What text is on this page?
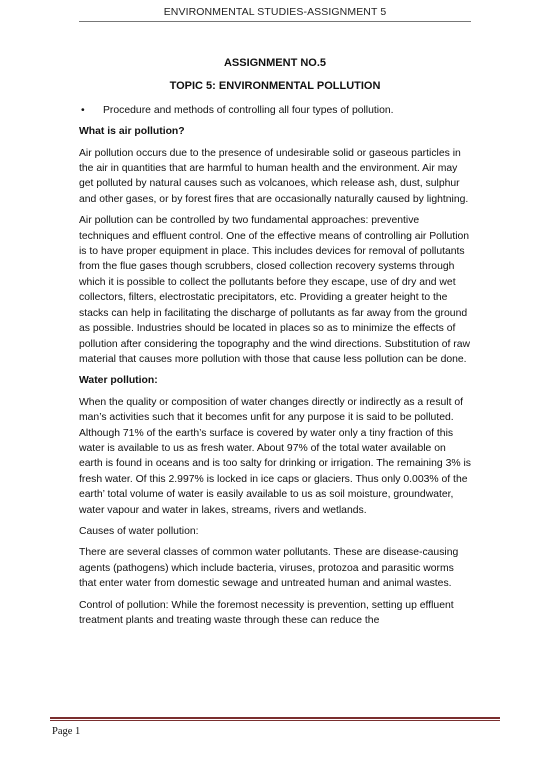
ENVIRONMENTAL STUDIES-ASSIGNMENT 5
ASSIGNMENT NO.5
TOPIC 5: ENVIRONMENTAL POLLUTION
•	Procedure and methods of controlling all four types of pollution.
What is air pollution?

Air pollution occurs due to the presence of undesirable solid or gaseous particles in the air in quantities that are harmful to human health and the environment. Air may get polluted by natural causes such as volcanoes, which release ash, dust, sulphur and other gases, or by forest fires that are occasionally naturally caused by lightning.

Air pollution can be controlled by two fundamental approaches: preventive techniques and effluent control. One of the effective means of controlling air Pollution is to have proper equipment in place. This includes devices for removal of pollutants from the flue gases though scrubbers, closed collection recovery systems through which it is possible to collect the pollutants before they escape, use of dry and wet collectors, filters, electrostatic precipitators, etc. Providing a greater height to the stacks can help in facilitating the discharge of pollutants as far away from the ground as possible. Industries should be located in places so as to minimize the effects of pollution after considering the topography and the wind directions. Substitution of raw material that causes more pollution with those that cause less pollution can be done.

Water pollution:

When the quality or composition of water changes directly or indirectly as a result of man’s activities such that it becomes unfit for any purpose it is said to be polluted. Although 71% of the earth’s surface is covered by water only a tiny fraction of this water is available to us as fresh water. About 97% of the total water available on earth is found in oceans and is too salty for drinking or irrigation. The remaining 3% is fresh water. Of this 2.997% is locked in ice caps or glaciers. Thus only 0.003% of the earth’ total volume of water is easily available to us as soil moisture, groundwater, water vapour and water in lakes, streams, rivers and wetlands.

Causes of water pollution:

There are several classes of common water pollutants. These are disease-causing agents (pathogens) which include bacteria, viruses, protozoa and parasitic worms that enter water from domestic sewage and untreated human and animal wastes.

Control of pollution: While the foremost necessity is prevention, setting up effluent treatment plants and treating waste through these can reduce the

Page 1
